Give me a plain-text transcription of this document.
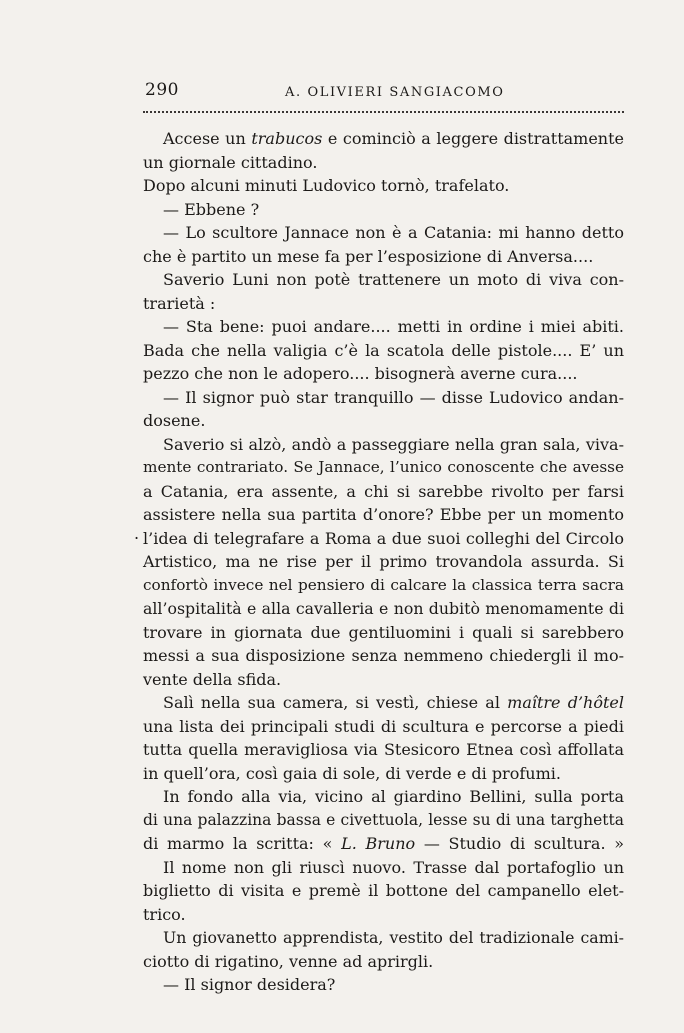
290	A. OLIVIERI SANGIACOMO
.
Accese un trabucos e cominciò a leggere distrattamente
un giornale cittadino.
Dopo alcuni minuti Ludovico tornò, trafelato.
— Ebbene ?
— Lo scultore Jannace non è a Catania: mi hanno detto
che è partito un mese fa per l’esposizione di Anversa....
Saverio Luni non potè trattenere un moto di viva con-
trarietà :
— Sta bene: puoi andare.... metti in ordine i miei abiti.
Bada che nella valigia c’è la scatola delle pistole.... E’ un
pezzo che non le adopero.... bisognerà averne cura....
— Il signor può star tranquillo — disse Ludovico andan-
dosene.
Saverio si alzò, andò a passeggiare nella gran sala, viva-
mente contrariato. Se Jannace, l’unico conoscente che avesse
a Catania, era assente, a chi si sarebbe rivolto per farsi
assistere nella sua partita d’onore? Ebbe per un momento
l’idea di telegrafare a Roma a due suoi colleghi del Circolo
Artistico, ma ne rise per il primo trovandola assurda. Si
confortò invece nel pensiero di calcare la classica terra sacra
all’ospitalità e alla cavalleria e non dubitò menomamente di
trovare in giornata due gentiluomini i quali si sarebbero
messi a sua disposizione senza nemmeno chiedergli il mo-
vente della sfida.
Salì nella sua camera, si vestì, chiese al maître d’hôtel
una lista dei principali studi di scultura e percorse a piedi
tutta quella meravigliosa via Stesicoro Etnea così affollata
in quell’ora, così gaia di sole, di verde e di profumi.
In fondo alla via, vicino al giardino Bellini, sulla porta
di una palazzina bassa e civettuola, lesse su di una targhetta
di marmo la scritta: « L. Bruno — Studio di scultura. »
Il nome non gli riuscì nuovo. Trasse dal portafoglio un
biglietto di visita e premè il bottone del campanello elet-
trico.
Un giovanetto apprendista, vestito del tradizionale cami-
ciotto di rigatino, venne ad aprirgli.
— Il signor desidera?
